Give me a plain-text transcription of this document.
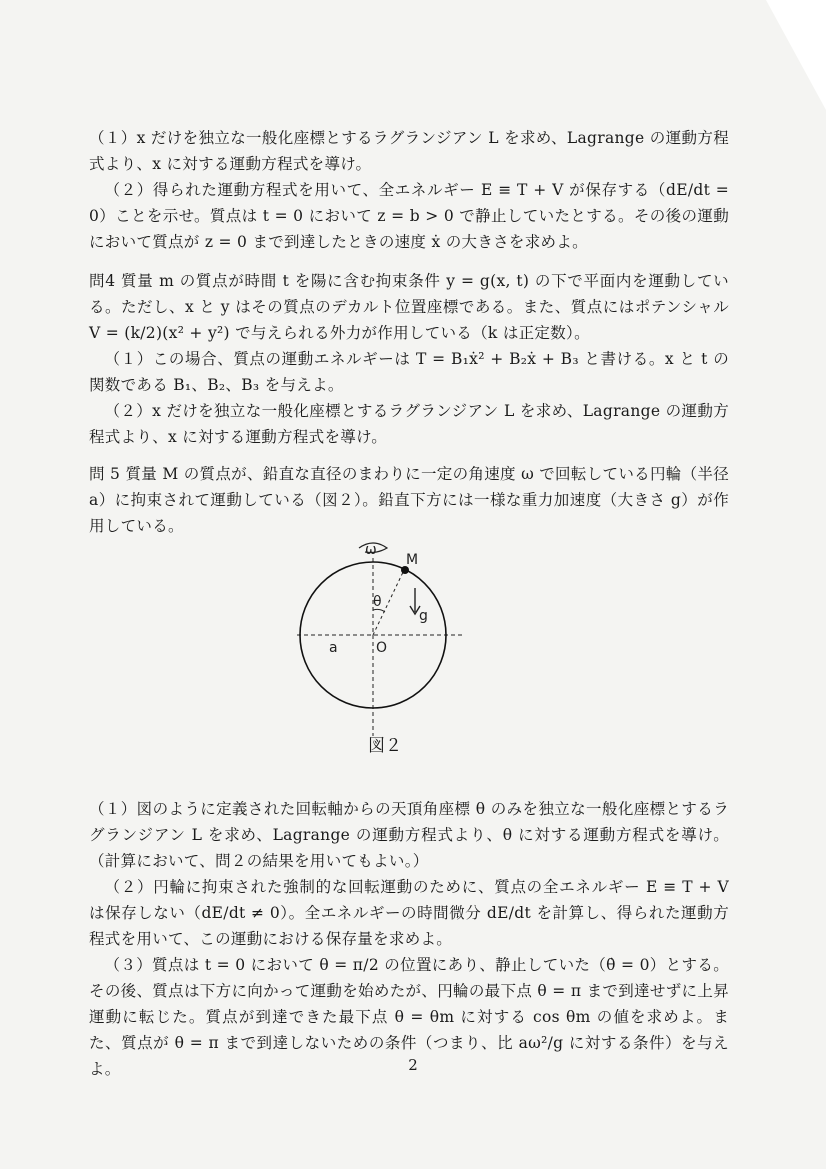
（１）x だけを独立な一般化座標とするラグランジアン L を求め、Lagrange の運動方程式より、x に対する運動方程式を導け。

（２）得られた運動方程式を用いて、全エネルギー E ≡ T + V が保存する（dE/dt = 0）ことを示せ。質点は t = 0 において z = b > 0 で静止していたとする。その後の運動において質点が z = 0 まで到達したときの速度 ẋ の大きさを求めよ。

問4 質量 m の質点が時間 t を陽に含む拘束条件 y = g(x, t) の下で平面内を運動している。ただし、x と y はその質点のデカルト位置座標である。また、質点にはポテンシャル V = (k/2)(x² + y²) で与えられる外力が作用している（k は正定数）。

（１）この場合、質点の運動エネルギーは T = B₁ẋ² + B₂ẋ + B₃ と書ける。x と t の関数である B₁、B₂、B₃ を与えよ。

（２）x だけを独立な一般化座標とするラグランジアン L を求め、Lagrange の運動方程式より、x に対する運動方程式を導け。

問 5 質量 M の質点が、鉛直な直径のまわりに一定の角速度 ω で回転している円輪（半径 a）に拘束されて運動している（図２）。鉛直下方には一様な重力加速度（大きさ g）が作用している。

ω
M
θ
g
a	O
図２

（１）図のように定義された回転軸からの天頂角座標 θ のみを独立な一般化座標とするラグランジアン L を求め、Lagrange の運動方程式より、θ に対する運動方程式を導け。（計算において、問２の結果を用いてもよい。）

（２）円輪に拘束された強制的な回転運動のために、質点の全エネルギー E ≡ T + V は保存しない（dE/dt ≠ 0）。全エネルギーの時間微分 dE/dt を計算し、得られた運動方程式を用いて、この運動における保存量を求めよ。

（３）質点は t = 0 において θ = π/2 の位置にあり、静止していた（θ̇ = 0）とする。その後、質点は下方に向かって運動を始めたが、円輪の最下点 θ = π まで到達せずに上昇運動に転じた。質点が到達できた最下点 θ = θm に対する cos θm の値を求めよ。また、質点が θ = π まで到達しないための条件（つまり、比 aω²/g に対する条件）を与えよ。	2
